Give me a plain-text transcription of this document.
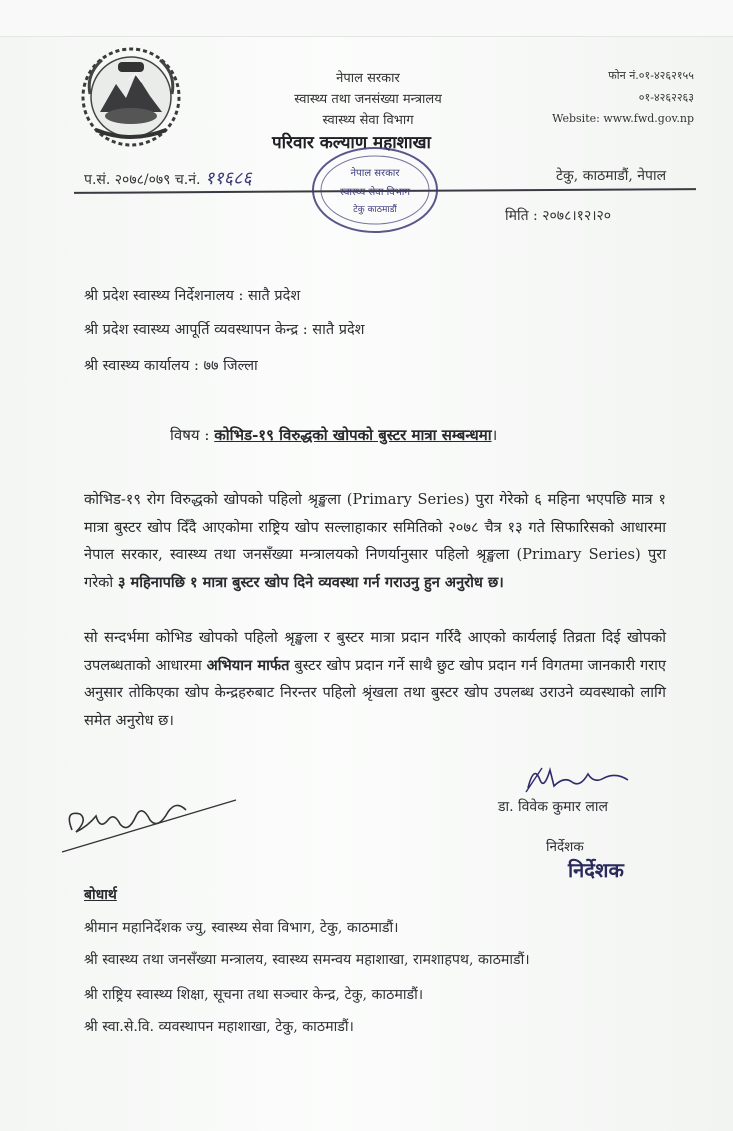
नेपाल सरकार
स्वास्थ्य तथा जनसंख्या मन्त्रालय
स्वास्थ्य सेवा विभाग
परिवार कल्याण महाशाखा
फोन नं.०१-४२६२१५५
०१-४२६२२६३
Website: www.fwd.gov.np
प.सं. २०७८/०७९ च.नं. ११६८६	टेकु, काठमाडौं, नेपाल
नेपाल सरकार
स्वास्थ्य सेवा विभाग
टेकु काठमाडौं	मिति : २०७८।१२।२०
श्री प्रदेश स्वास्थ्य निर्देशनालय : सातै प्रदेश
श्री प्रदेश स्वास्थ्य आपूर्ति व्यवस्थापन केन्द्र : सातै प्रदेश
श्री स्वास्थ्य कार्यालय : ७७ जिल्ला
विषय : कोभिड-१९ विरुद्धको खोपको बुस्टर मात्रा सम्बन्धमा।
कोभिड-१९ रोग विरुद्धको खोपको पहिलो श्रृङ्खला (Primary Series) पुरा गेरेको ६ महिना भएपछि मात्र १ मात्रा बुस्टर खोप दिँदै आएकोमा राष्ट्रिय खोप सल्लाहाकार समितिको २०७८ चैत्र १३ गते सिफारिसको आधारमा नेपाल सरकार, स्वास्थ्य तथा जनसँख्या मन्त्रालयको निणर्यानुसार पहिलो श्रृङ्खला (Primary Series) पुरा गरेको ३ महिनापछि १ मात्रा बुस्टर खोप दिने व्यवस्था गर्न गराउनु हुन अनुरोध छ।
सो सन्दर्भमा कोभिड खोपको पहिलो श्रृङ्खला र बुस्टर मात्रा प्रदान गर्रिदै आएको कार्यलाई तिव्रता दिई खोपको उपलब्धताको आधारमा अभियान मार्फत बुस्टर खोप प्रदान गर्ने साथै छुट खोप प्रदान गर्न विगतमा जानकारी गराए अनुसार तोकिएका खोप केन्द्रहरुबाट निरन्तर पहिलो श्रृंखला तथा बुस्टर खोप उपलब्ध उराउने व्यवस्थाको लागि समेत अनुरोध छ।
डा. विवेक कुमार लाल
निर्देशक
निर्देशक
बोधार्थ
श्रीमान महानिर्देशक ज्यु, स्वास्थ्य सेवा विभाग, टेकु, काठमाडौं।
श्री स्वास्थ्य तथा जनसँख्या मन्त्रालय, स्वास्थ्य समन्वय महाशाखा, रामशाहपथ, काठमाडौं।
श्री राष्ट्रिय स्वास्थ्य शिक्षा, सूचना तथा सञ्चार केन्द्र, टेकु, काठमाडौं।
श्री स्वा.से.वि. व्यवस्थापन महाशाखा, टेकु, काठमाडौं।
